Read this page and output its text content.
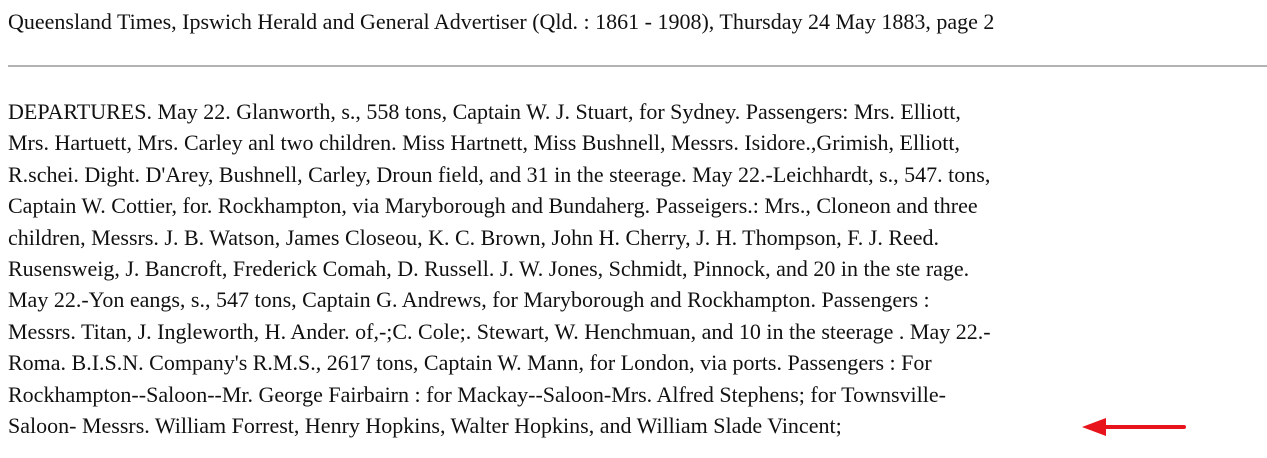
Queensland Times, Ipswich Herald and General Advertiser (Qld. : 1861 - 1908), Thursday 24 May 1883, page 2
DEPARTURES. May 22. Glanworth, s., 558 tons, Captain W. J. Stuart, for Sydney. Passengers: Mrs. Elliott,
Mrs. Hartuett, Mrs. Carley anl two children. Miss Hartnett, Miss Bushnell, Messrs. Isidore.,Grimish, Elliott,
R.schei. Dight. D'Arey, Bushnell, Carley, Droun field, and 31 in the steerage. May 22.-Leichhardt, s., 547. tons,
Captain W. Cottier, for. Rockhampton, via Maryborough and Bundaherg. Passeigers.: Mrs., Cloneon and three
children, Messrs. J. B. Watson, James Closeou, K. C. Brown, John H. Cherry, J. H. Thompson, F. J. Reed.
Rusensweig, J. Bancroft, Frederick Comah, D. Russell. J. W. Jones, Schmidt, Pinnock, and 20 in the ste rage.
May 22.-Yon eangs, s., 547 tons, Captain G. Andrews, for Maryborough and Rockhampton. Passengers :
Messrs. Titan, J. Ingleworth, H. Ander. of,-;C. Cole;. Stewart, W. Henchmuan, and 10 in the steerage . May 22.-
Roma. B.I.S.N. Company's R.M.S., 2617 tons, Captain W. Mann, for London, via ports. Passengers : For
Rockhampton--Saloon--Mr. George Fairbairn : for Mackay--Saloon-Mrs. Alfred Stephens; for Townsville-
Saloon- Messrs. William Forrest, Henry Hopkins, Walter Hopkins, and William Slade Vincent;
